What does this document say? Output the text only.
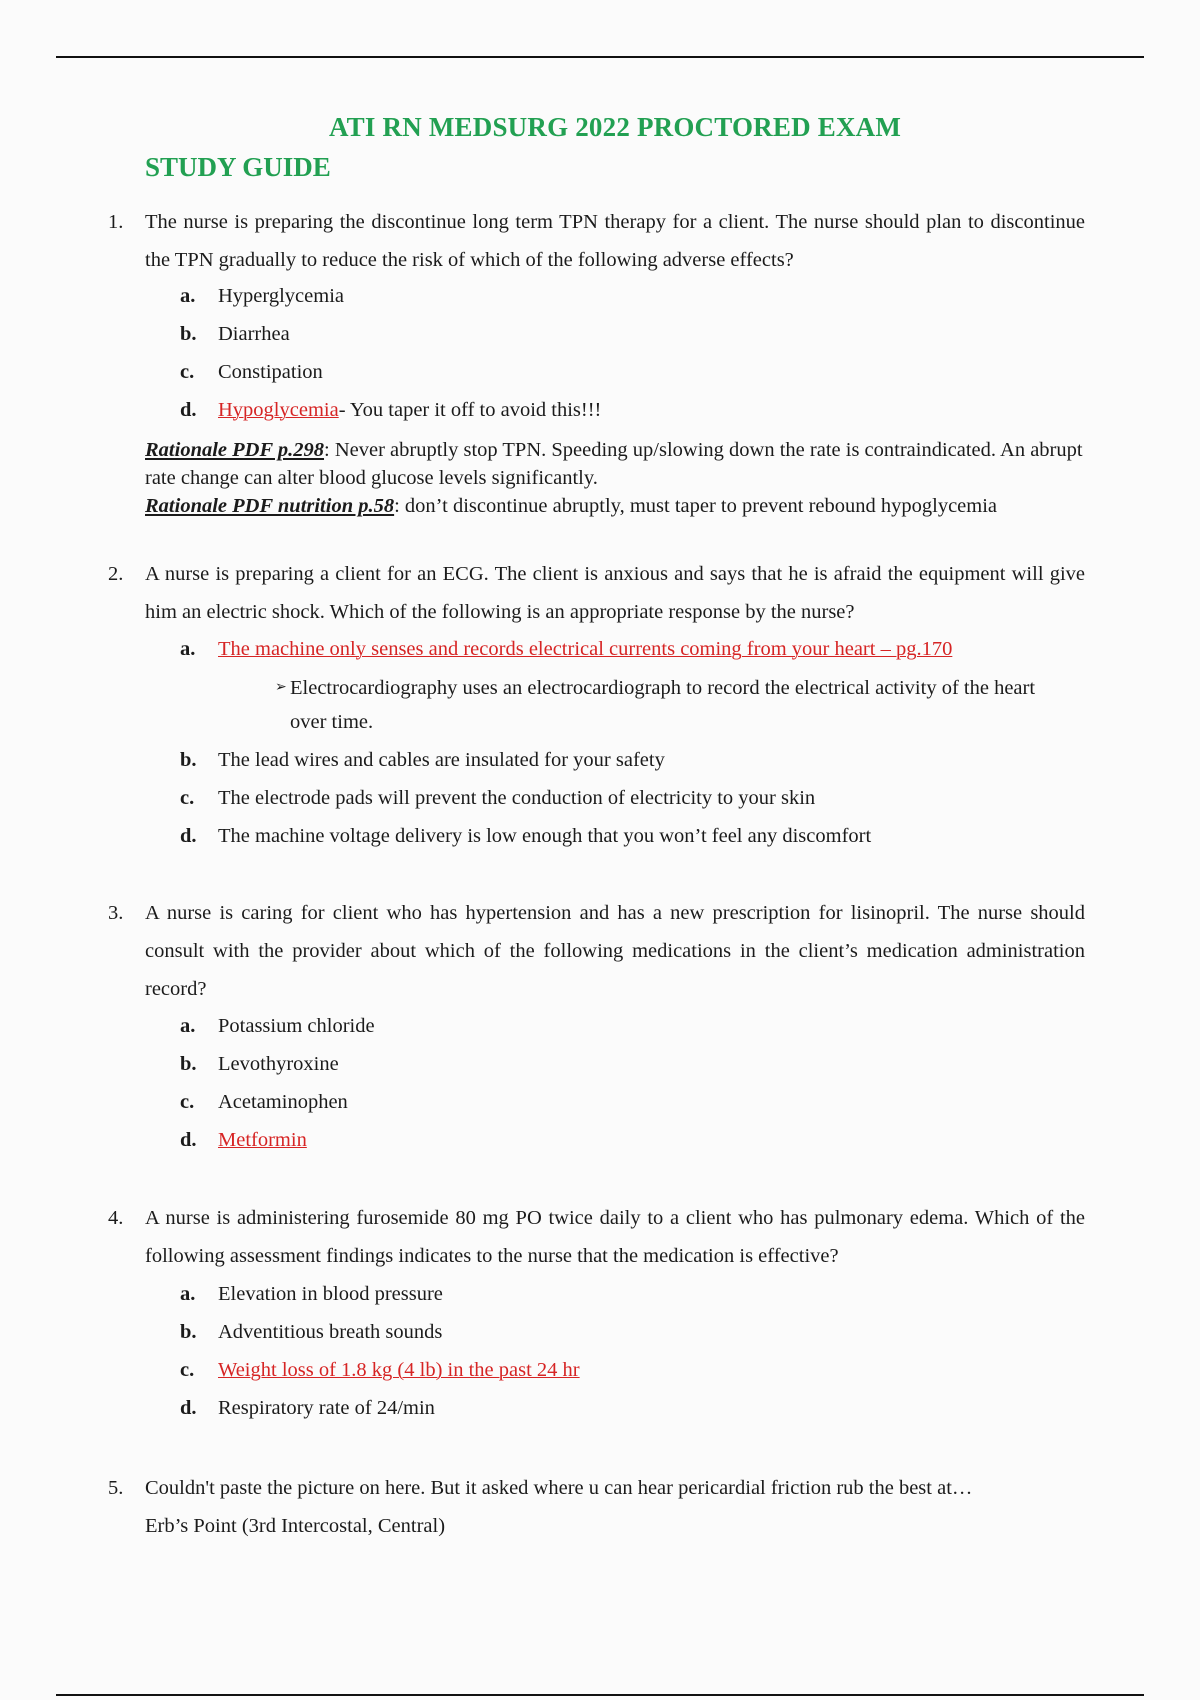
ATI RN MEDSURG 2022 PROCTORED EXAM
STUDY GUIDE
1. The nurse is preparing the discontinue long term TPN therapy for a client. The nurse should plan to discontinue the TPN gradually to reduce the risk of which of the following adverse effects?
a. Hyperglycemia
b. Diarrhea
c. Constipation
d. Hypoglycemia- You taper it off to avoid this!!!
Rationale PDF p.298: Never abruptly stop TPN. Speeding up/slowing down the rate is contraindicated. An abrupt rate change can alter blood glucose levels significantly.
Rationale PDF nutrition p.58: don’t discontinue abruptly, must taper to prevent rebound hypoglycemia
2. A nurse is preparing a client for an ECG. The client is anxious and says that he is afraid the equipment will give him an electric shock. Which of the following is an appropriate response by the nurse?
a. The machine only senses and records electrical currents coming from your heart – pg.170
➢ Electrocardiography uses an electrocardiograph to record the electrical activity of the heart over time.
b. The lead wires and cables are insulated for your safety
c. The electrode pads will prevent the conduction of electricity to your skin
d. The machine voltage delivery is low enough that you won’t feel any discomfort
3. A nurse is caring for client who has hypertension and has a new prescription for lisinopril. The nurse should consult with the provider about which of the following medications in the client’s medication administration record?
a. Potassium chloride
b. Levothyroxine
c. Acetaminophen
d. Metformin
4. A nurse is administering furosemide 80 mg PO twice daily to a client who has pulmonary edema. Which of the following assessment findings indicates to the nurse that the medication is effective?
a. Elevation in blood pressure
b. Adventitious breath sounds
c. Weight loss of 1.8 kg (4 lb) in the past 24 hr
d. Respiratory rate of 24/min
5. Couldn't paste the picture on here. But it asked where u can hear pericardial friction rub the best at…
Erb’s Point (3rd Intercostal, Central)
